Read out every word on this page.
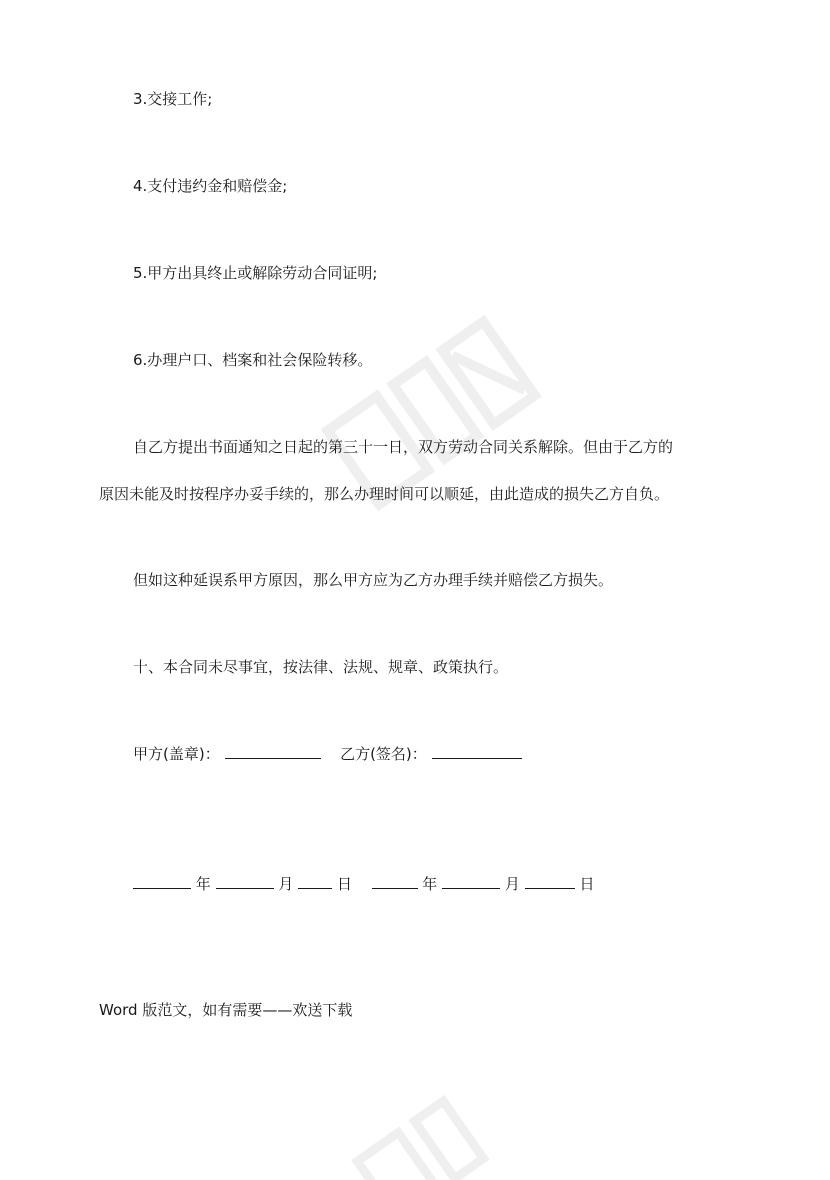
3.交接工作;
4.支付违约金和赔偿金;
5.甲方出具终止或解除劳动合同证明;
6.办理户口、档案和社会保险转移。
自乙方提出书面通知之日起的第三十一日，双方劳动合同关系解除。但由于乙方的
原因未能及时按程序办妥手续的，那么办理时间可以顺延，由此造成的损失乙方自负。
但如这种延误系甲方原因，那么甲方应为乙方办理手续并赔偿乙方损失。
十、本合同未尽事宜，按法律、法规、规章、政策执行。
甲方(盖章)：	乙方(签名)：
年	月	日	年	月	日
Word 版范文，如有需要——欢送下载
